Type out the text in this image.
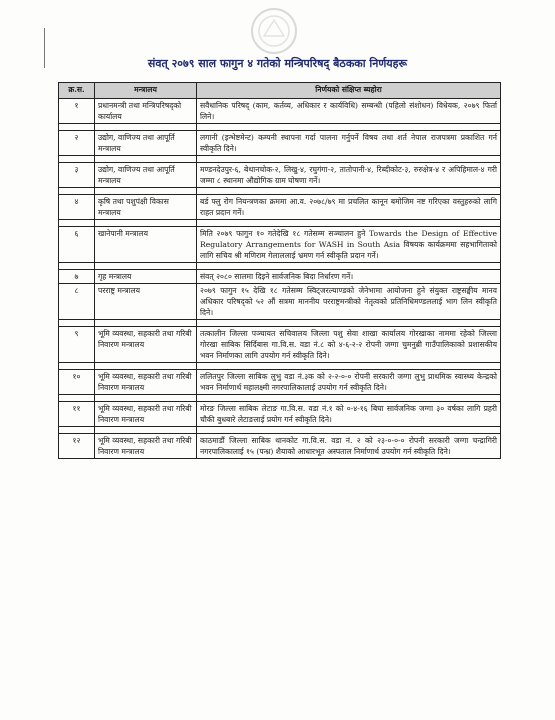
संवत् २०७९ साल फागुन ४ गतेको मन्त्रिपरिषद् बैठकका निर्णयहरू
क्र.स.	मन्त्रालय	निर्णयको संक्षिप्त ब्यहोरा
१	प्रधानमन्त्री तथा मन्त्रिपरिषद्को कार्यालय	सवैधानिक परिषद् (काम, कर्तव्य, अधिकार र कार्यविधि) सम्बन्धी (पहिलो संशोधन) विधेयक, २०७९ फिर्ता लिने।

२	उद्योग, वाणिज्य तथा आपूर्ति मन्त्रालय	लगानी (इन्भेष्टमेन्ट) कम्पनी स्थापना गर्दा पालना गर्नुपर्ने विषय तथा शर्त नेपाल राजपत्रमा प्रकाशित गर्न स्वीकृति दिने।

३	उद्योग, वाणिज्य तथा आपूर्ति मन्त्रालय	मण्डनदेउपुर-६, बेथानचोक-२, लिखु-४, रघुगंगा-२, तातोपानी-४, रिब्दीकोट-३, रुरुक्षेत्र-४ र अपिहिमाल-४ गरी जम्मा ८ स्थानमा औद्योगिक ग्राम घोषणा गर्ने।

४	कृषि तथा पशुपंक्षी विकास मन्त्रालय	बर्ड फ्लु रोग नियन्त्रणका क्रममा आ.व. २०७८/७९ मा प्रचलित कानून बमोजिम नष्ट गरिएका वस्तुहरुको लागि राहत प्रदान गर्ने।

६	खानेपानी मन्त्रालय	मिति २०७९ फागुन १० गतेदेखि १८ गतेसम्म सञ्चालन हुने Towards the Design of Effective Regulatory Arrangements for WASH in South Asia विषयक कार्यक्रममा सहभागिताको लागि सचिव श्री मणिराम गेलाललाई भ्रमण गर्न स्वीकृति प्रदान गर्ने।

७	गृह मन्त्रालय	संवत् २०८० सालमा दिइने सार्वजनिक बिदा निर्धारण गर्ने।
८	परराष्ट्र मन्त्रालय	२०७९ फागुन १५ देखि १८ गतेसम्म स्विट्जरल्याण्डको जेनेभामा आयोजना हुने संयुक्त राष्ट्रसङ्घीय मानव अधिकार परिषद्को ५२ औं सत्रमा माननीय परराष्ट्रमन्त्रीको नेतृत्वको प्रतिनिधिमण्डललाई भाग लिन स्वीकृति दिने।

९	भूमि व्यवस्था, सहकारी तथा गरिबी निवारण मन्त्रालय	तत्कालीन जिल्ला पञ्चायत सचिवालय जिल्ला पशु सेवा शाखा कार्यालय गोरखाका नाममा रहेको जिल्ला गोरखा साबिक सिर्दिबास गा.वि.स. वडा नं.८ को ४-६-२-२ रोपनी जग्गा चुमनुब्री गाउँपालिकाको प्रशासकीय भवन निर्माणका लागि उपयोग गर्न स्वीकृति दिने।

१०	भूमि व्यवस्था, सहकारी तथा गरिबी निवारण मन्त्रालय	ललितपुर जिल्ला साबिक लुभु वडा नं.३क को २-२-०-० रोपनी सरकारी जग्गा लुभु प्राथमिक स्वास्थ्य केन्द्रको भवन निर्माणार्थ महालक्ष्मी नगरपालिकालाई उपयोग गर्न स्वीकृति दिने।

११	भूमि व्यवस्था, सहकारी तथा गरिबी निवारण मन्त्रालय	मोरङ जिल्ला साबिक लेटाङ गा.वि.स. वडा नं.१ को ०-४-१६ बिघा सार्वजनिक जग्गा ३० वर्षका लागि प्रहरी चौकी बुधबारे लेटाङलाई प्रयोग गर्न स्वीकृति दिने।

१२	भूमि व्यवस्था, सहकारी तथा गरिबी निवारण मन्त्रालय	काठमाडौं जिल्ला साबिक थानकोट गा.वि.स. वडा नं. २ को २३-०-०-० रोपनी सरकारी जग्गा चन्द्रागिरी नगरपालिकालाई १५ (पन्ध्र) शैयाको आधारभूत अस्पताल निर्माणार्थ उपयोग गर्न स्वीकृति दिने।
